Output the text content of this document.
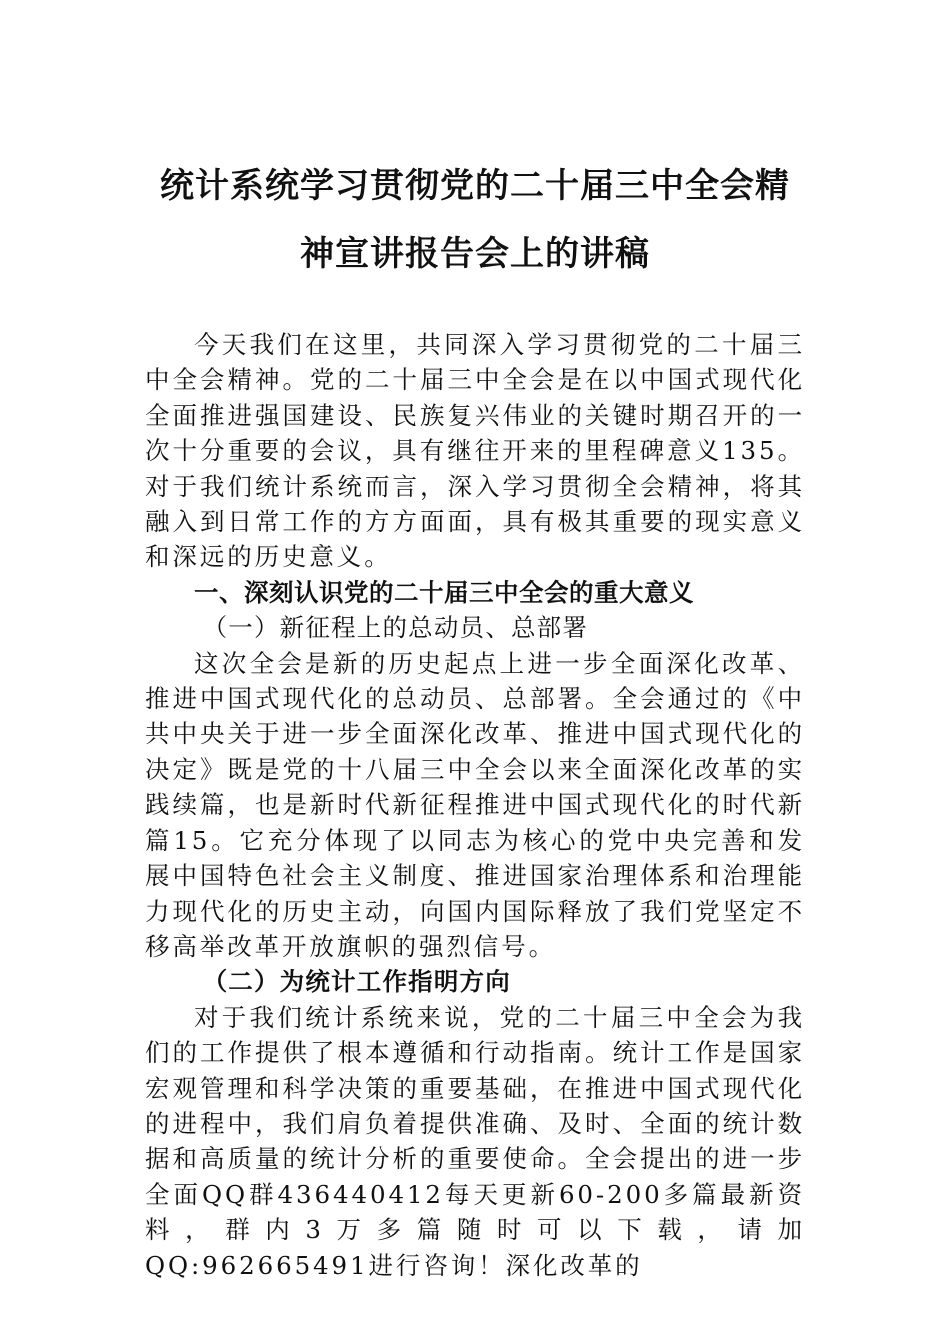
统计系统学习贯彻党的二十届三中全会精
神宣讲报告会上的讲稿

今天我们在这里，共同深入学习贯彻党的二十届三中全会精神。党的二十届三中全会是在以中国式现代化全面推进强国建设、民族复兴伟业的关键时期召开的一次十分重要的会议，具有继往开来的里程碑意义135。对于我们统计系统而言，深入学习贯彻全会精神，将其融入到日常工作的方方面面，具有极其重要的现实意义和深远的历史意义。

一、深刻认识党的二十届三中全会的重大意义

（一）新征程上的总动员、总部署

这次全会是新的历史起点上进一步全面深化改革、推进中国式现代化的总动员、总部署。全会通过的《中共中央关于进一步全面深化改革、推进中国式现代化的决定》既是党的十八届三中全会以来全面深化改革的实践续篇，也是新时代新征程推进中国式现代化的时代新篇15。它充分体现了以同志为核心的党中央完善和发展中国特色社会主义制度、推进国家治理体系和治理能力现代化的历史主动，向国内国际释放了我们党坚定不移高举改革开放旗帜的强烈信号。

（二）为统计工作指明方向

对于我们统计系统来说，党的二十届三中全会为我们的工作提供了根本遵循和行动指南。统计工作是国家宏观管理和科学决策的重要基础，在推进中国式现代化的进程中，我们肩负着提供准确、及时、全面的统计数据和高质量的统计分析的重要使命。全会提出的进一步全面QQ群436440412每天更新60-200多篇最新资料，群内3万多篇随时可以下载，请加QQ:962665491进行咨询！深化改革的
